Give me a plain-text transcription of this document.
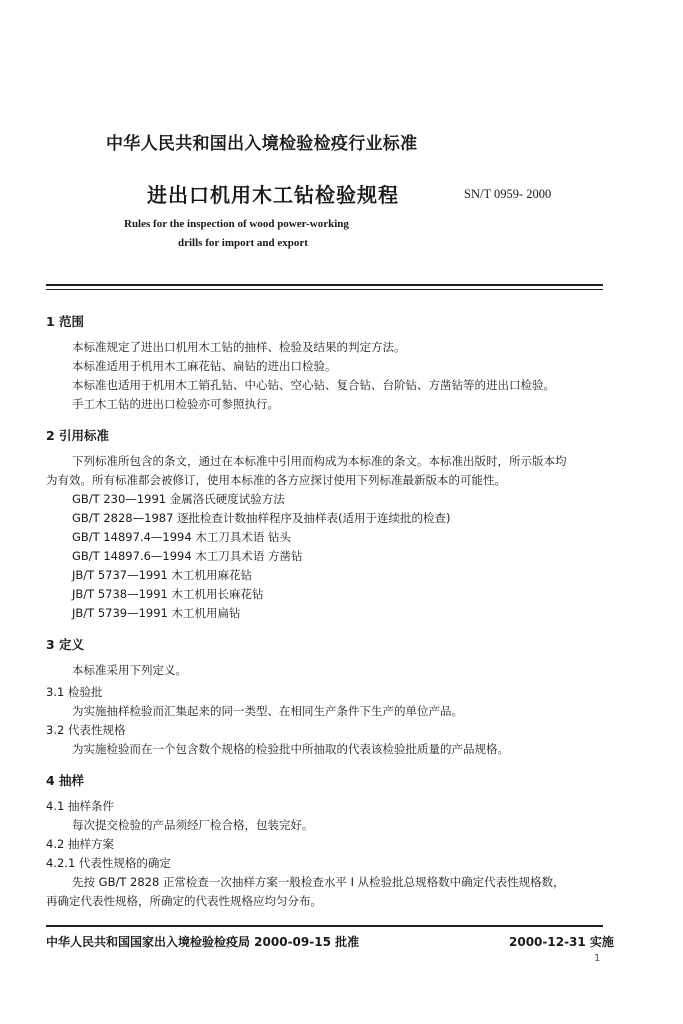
中华人民共和国出入境检验检疫行业标准
进出口机用木工钻检验规程	SN/T 0959- 2000
Rules for the inspection of wood power-working
drills for import and export
1 范围
本标准规定了进出口机用木工钻的抽样、检验及结果的判定方法。
本标准适用于机用木工麻花钻、扁钻的进出口检验。
本标准也适用于机用木工销孔钻、中心钻、空心钻、复合钻、台阶钻、方凿钻等的进出口检验。
手工木工钻的进出口检验亦可参照执行。
2 引用标准
下列标准所包含的条文，通过在本标准中引用而构成为本标准的条文。本标准出版时，所示版本均
为有效。所有标准都会被修订，使用本标准的各方应探讨使用下列标准最新版本的可能性。
GB/T 230—1991 金属洛氏硬度试验方法
GB/T 2828—1987 逐批检查计数抽样程序及抽样表(适用于连续批的检查)
GB/T 14897.4—1994 木工刀具术语 钻头
GB/T 14897.6—1994 木工刀具术语 方凿钻
JB/T 5737—1991 木工机用麻花钻
JB/T 5738—1991 木工机用长麻花钻
JB/T 5739—1991 木工机用扁钻
3 定义
本标准采用下列定义。
3.1 检验批
为实施抽样检验而汇集起来的同一类型、在相同生产条件下生产的单位产品。
3.2 代表性规格
为实施检验而在一个包含数个规格的检验批中所抽取的代表该检验批质量的产品规格。
4 抽样
4.1 抽样条件
每次提交检验的产品须经厂检合格，包装完好。
4.2 抽样方案
4.2.1 代表性规格的确定
先按 GB/T 2828 正常检查一次抽样方案一般检查水平 I 从检验批总规格数中确定代表性规格数，
再确定代表性规格，所确定的代表性规格应均匀分布。
中华人民共和国国家出入境检验检疫局 2000-09-15 批准	2000-12-31 实施
1
